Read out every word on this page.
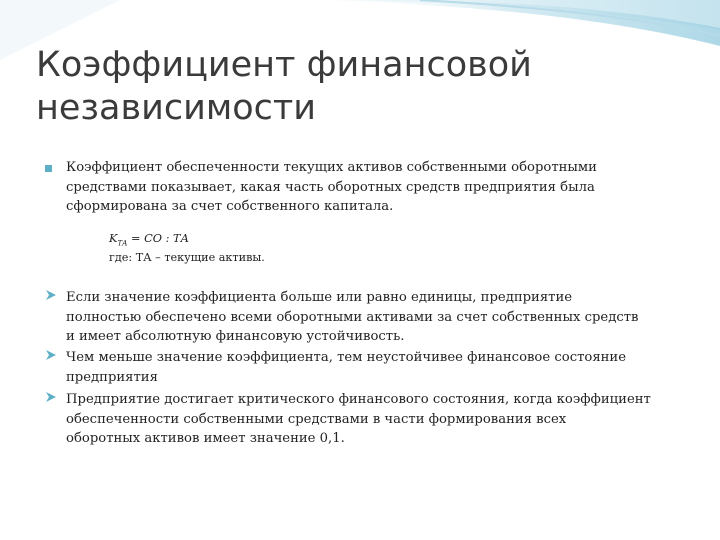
Коэффициент финансовой
независимости
Коэффициент обеспеченности текущих активов собственными оборотными
средствами показывает, какая часть оборотных средств предприятия была
сформирована за счет собственного капитала.
$K_{ТА}$ = СО : ТА
где: ТА – текущие активы.
Если значение коэффициента больше или равно единицы, предприятие
полностью обеспечено всеми оборотными активами за счет собственных средств
и имеет абсолютную финансовую устойчивость.
Чем меньше значение коэффициента, тем неустойчивее финансовое состояние
предприятия
Предприятие достигает критического финансового состояния, когда коэффициент
обеспеченности собственными средствами в части формирования всех
оборотных активов имеет значение 0,1.
